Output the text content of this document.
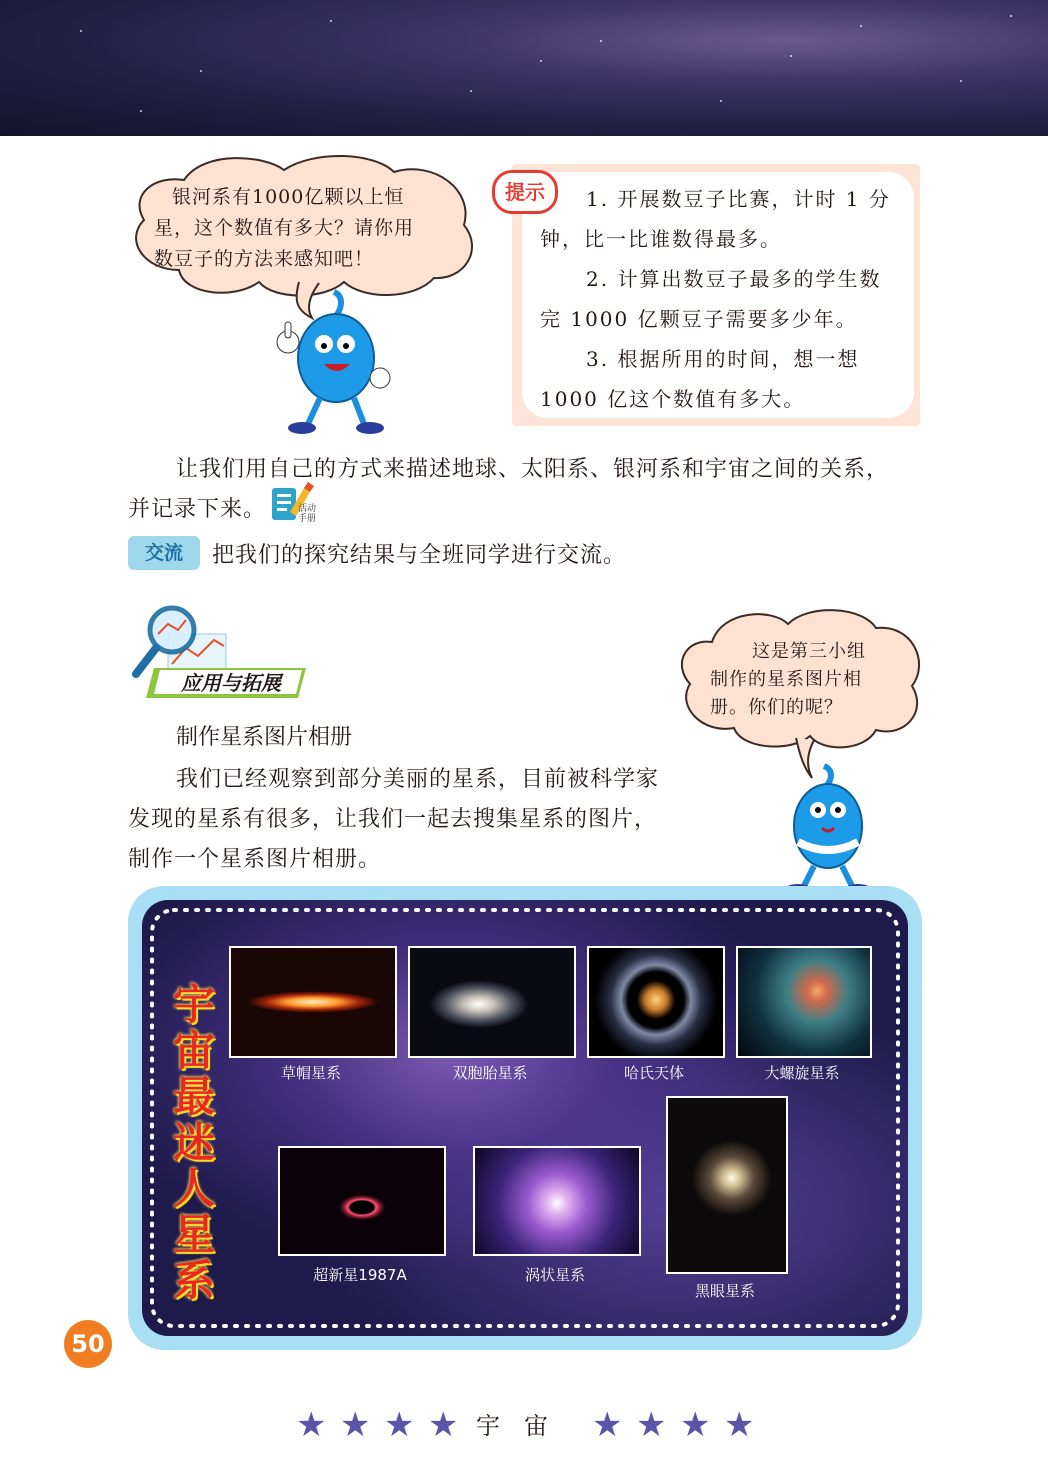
银河系有1000亿颗以上恒
星，这个数值有多大？请你用
数豆子的方法来感知吧！
提示	1. 开展数豆子比赛，计时 1 分
钟，比一比谁数得最多。
2. 计算出数豆子最多的学生数
完 1000 亿颗豆子需要多少年。
3. 根据所用的时间，想一想
1000 亿这个数值有多大。
让我们用自己的方式来描述地球、太阳系、银河系和宇宙之间的关系，
并记录下来。	活动
手册
交流	把我们的探究结果与全班同学进行交流。
应用与拓展
制作星系图片相册
我们已经观察到部分美丽的星系，目前被科学家
发现的星系有很多，让我们一起去搜集星系的图片，
制作一个星系图片相册。
这是第三小组
制作的星系图片相
册。你们的呢？
宇宙最迷人星系
草帽星系	双胞胎星系	哈氏天体	大螺旋星系
超新星1987A	涡状星系
黑眼星系
50
★ ★ ★ ★ 宇宙 ★ ★ ★ ★
